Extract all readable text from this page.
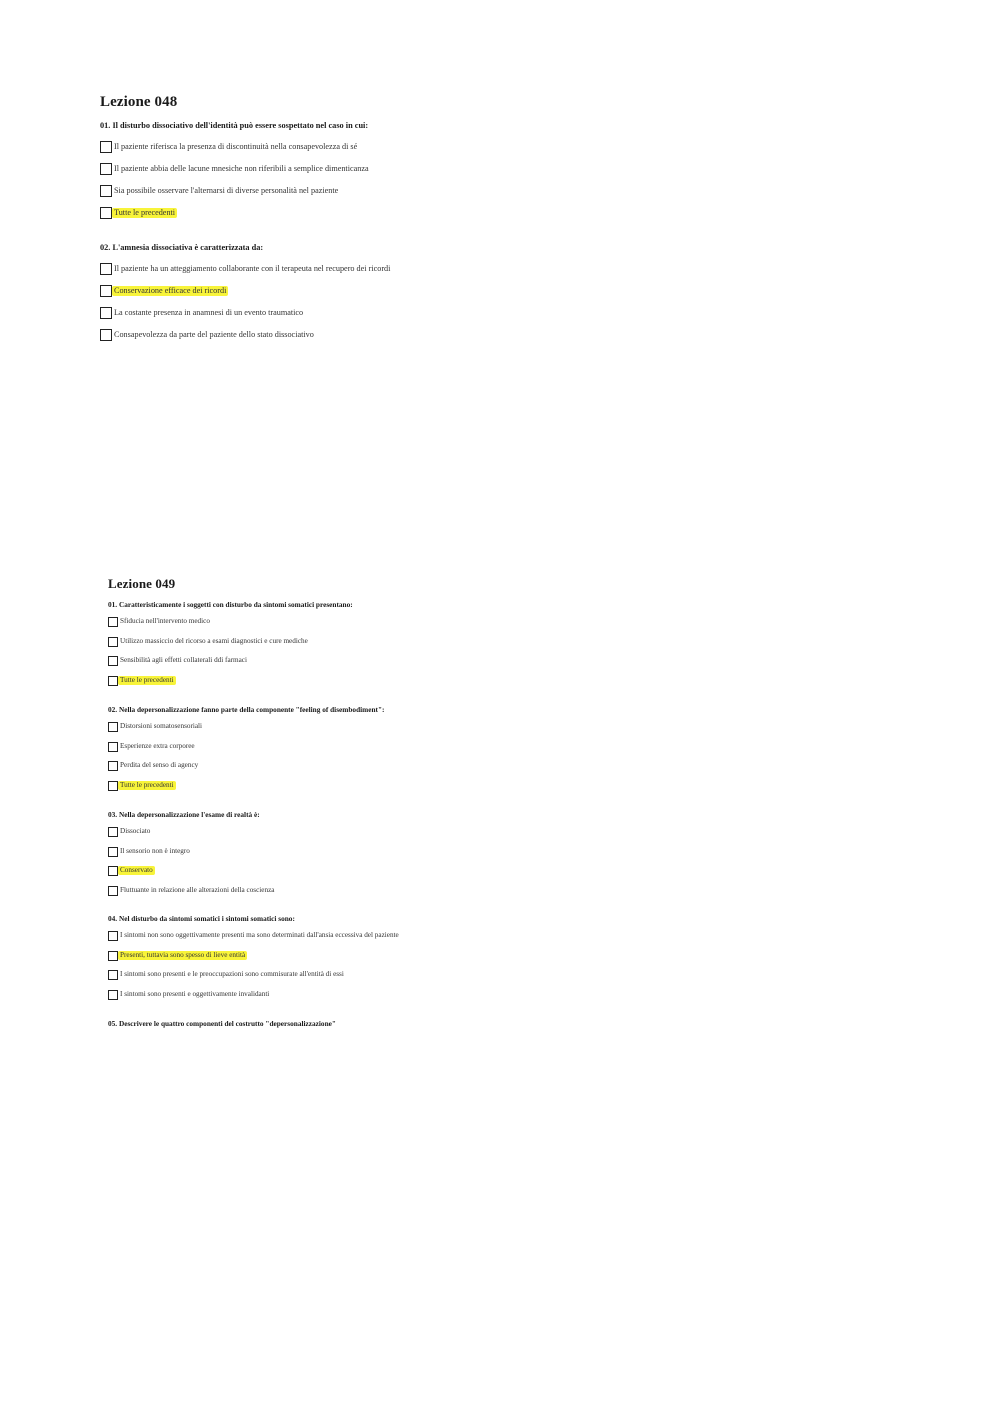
Lezione 048
01. Il disturbo dissociativo dell'identità può essere sospettato nel caso in cui:
Il paziente riferisca la presenza di discontinuità nella consapevolezza di sé
Il paziente abbia delle lacune mnesiche non riferibili a semplice dimenticanza
Sia possibile osservare l'alternarsi di diverse personalità nel paziente
Tutte le precedenti
02. L'amnesia dissociativa è caratterizzata da:
Il paziente ha un atteggiamento collaborante con il terapeuta nel recupero dei ricordi
Conservazione efficace dei ricordi
La costante presenza in anamnesi di un evento traumatico
Consapevolezza da parte del paziente dello stato dissociativo
Lezione 049
01. Caratteristicamente i soggetti con disturbo da sintomi somatici presentano:
Sfiducia nell'intervento medico
Utilizzo massiccio del ricorso a esami diagnostici e cure mediche
Sensibilità agli effetti collaterali ddi farmaci
Tutte le precedenti
02. Nella depersonalizzazione fanno parte della componente "feeling of disembodiment":
Distorsioni somatosensoriali
Esperienze extra corporee
Perdita del senso di agency
Tutte le precedenti
03. Nella depersonalizzazione l'esame di realtà è:
Dissociato
Il sensorio non è integro
Conservato
Fluttuante in relazione alle alterazioni della coscienza
04. Nel disturbo da sintomi somatici i sintomi somatici sono:
I sintomi non sono oggettivamente presenti ma sono determinati dall'ansia eccessiva del paziente
Presenti, tuttavia sono spesso di lieve entità
I sintomi sono presenti e le preoccupazioni sono commisurate all'entità di essi
I sintomi sono presenti e oggettivamente invalidanti
05. Descrivere le quattro componenti del costrutto "depersonalizzazione"
